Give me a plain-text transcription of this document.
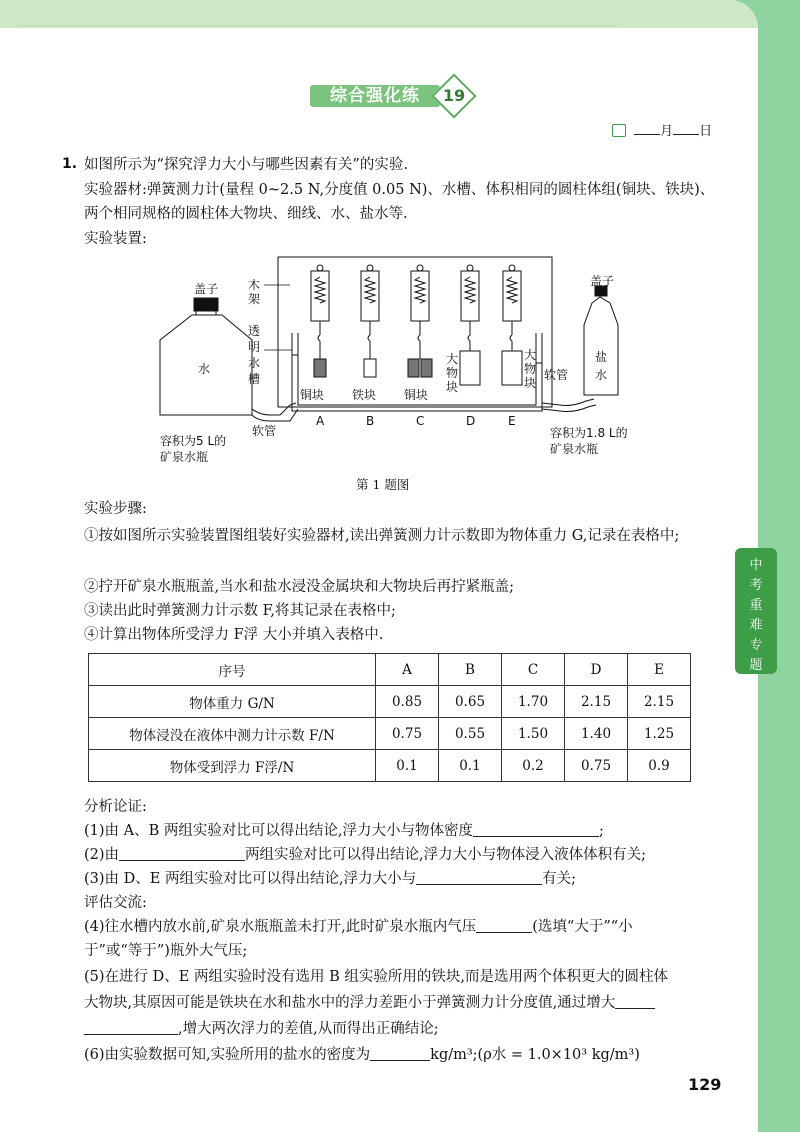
综合强化练	19
月 日
1. 如图所示为“探究浮力大小与哪些因素有关”的实验.
实验器材:弹簧测力计(量程 0~2.5 N,分度值 0.05 N)、水槽、体积相同的圆柱体组(铜块、铁块)、两个相同规格的圆柱体大物块、细线、水、盐水等.
实验装置:
盖子
水
容积为5 L的
矿泉水瓶
木
架
透
明
水
槽
软管
铜块 铁块 铜块
大
物
块
大
物
块
软管
盖子
盐
水
容积为1.8 L的
矿泉水瓶
A	B	C	D	E
第 1 题图
实验步骤:
①按如图所示实验装置图组装好实验器材,读出弹簧测力计示数即为物体重力 G,记录在表格中;
②拧开矿泉水瓶瓶盖,当水和盐水浸没金属块和大物块后再拧紧瓶盖;
③读出此时弹簧测力计示数 F,将其记录在表格中;
④计算出物体所受浮力 F浮 大小并填入表格中.
序号	A	B	C	D	E
物体重力 G/N	0.85	0.65	1.70	2.15	2.15
物体浸没在液体中测力计示数 F/N	0.75	0.55	1.50	1.40	1.25
物体受到浮力 F浮/N	0.1	0.1	0.2	0.75	0.9
分析论证:
(1)由 A、B 两组实验对比可以得出结论,浮力大小与物体密度	;
(2)由	两组实验对比可以得出结论,浮力大小与物体浸入液体体积有关;
(3)由 D、E 两组实验对比可以得出结论,浮力大小与	有关;
评估交流:
(4)往水槽内放水前,矿泉水瓶瓶盖未打开,此时矿泉水瓶内气压	(选填“大于”“小
于”或“等于”)瓶外大气压;
(5)在进行 D、E 两组实验时没有选用 B 组实验所用的铁块,而是选用两个体积更大的圆柱体
大物块,其原因可能是铁块在水和盐水中的浮力差距小于弹簧测力计分度值,通过增大
,增大两次浮力的差值,从而得出正确结论;
(6)由实验数据可知,实验所用的盐水的密度为	kg/m³;(ρ水 = 1.0×10³ kg/m³)
129
中
考
重
难
专
题
